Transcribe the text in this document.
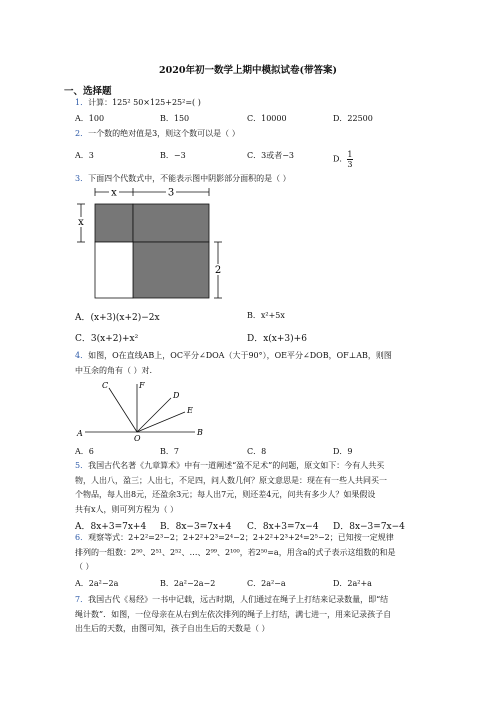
2020年初一数学上期中模拟试卷(带答案)
一、选择题
1．计算：125² 50×125+25²=( )
A．100	B．150	C．10000	D．22500
2．一个数的绝对值是3，则这个数可以是（ ）
A．3	B．−3	C．3或者−3	D． $\frac{1}{3}$
3．下面四个代数式中，不能表示图中阴影部分面积的是（ ）
x	3
x
2
A．(x+3)(x+2)−2x	B．x²+5x
C．3(x+2)+x²	D．x(x+3)+6
4．如图，O在直线AB上，OC平分∠DOA（大于90°），OE平分∠DOB，OF⊥AB，则图
中互余的角有（ ）对.
C	F
D
E
A
O
B
A．6	B．7	C．8	D．9
5．我国古代名著《九章算术》中有一道阐述“盈不足术”的问题，原文如下：今有人共买
物，人出八，盈三；人出七，不足四，问人数几何？原文意思是：现在有一些人共同买一
个物品，每人出8元，还盈余3元；每人出7元，则还差4元，问共有多少人？如果假设
共有x人，则可列方程为（ ）
A．8x+3=7x+4 B．8x−3=7x+4 C．8x+3=7x−4 D．8x−3=7x−4
6．观察等式：2+2²=2³−2；2+2²+2³=2⁴−2；2+2²+2³+2⁴=2⁵−2；已知按一定规律
排列的一组数：2⁵⁰、2⁵¹、2⁵²、…、2⁹⁹、2¹⁰⁰，若2⁵⁰=a，用含a的式子表示这组数的和是
（ ）
A．2a²−2a	B．2a²−2a−2	C．2a²−a	D．2a²+a
7．我国古代《易经》一书中记载，远古时期，人们通过在绳子上打结来记录数量，即“结
绳计数”．如图，一位母亲在从右到左依次排列的绳子上打结，满七进一，用来记录孩子自
出生后的天数，由图可知，孩子自出生后的天数是（ ）
